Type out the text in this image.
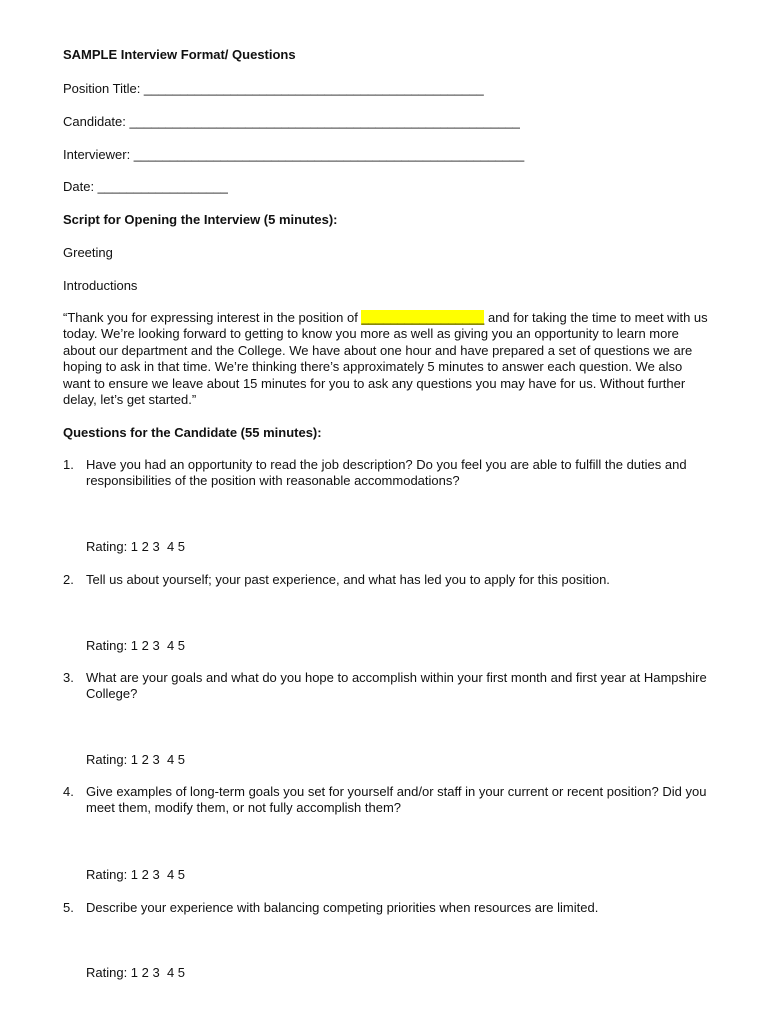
SAMPLE Interview Format/ Questions
Position Title: _______________________________________________
Candidate: ______________________________________________________
Interviewer: ______________________________________________________
Date: __________________
Script for Opening the Interview (5 minutes):
Greeting
Introductions
“Thank you for expressing interest in the position of _________________ and for taking the time to meet with us today. We’re looking forward to getting to know you more as well as giving you an opportunity to learn more about our department and the College. We have about one hour and have prepared a set of questions we are hoping to ask in that time. We’re thinking there’s approximately 5 minutes to answer each question. We also want to ensure we leave about 15 minutes for you to ask any questions you may have for us. Without further delay, let’s get started.”
Questions for the Candidate (55 minutes):
1. Have you had an opportunity to read the job description? Do you feel you are able to fulfill the duties and responsibilities of the position with reasonable accommodations?
Rating: 1 2 3  4 5
2. Tell us about yourself; your past experience, and what has led you to apply for this position.
Rating: 1 2 3  4 5
3. What are your goals and what do you hope to accomplish within your first month and first year at Hampshire College?
Rating: 1 2 3  4 5
4. Give examples of long-term goals you set for yourself and/or staff in your current or recent position? Did you meet them, modify them, or not fully accomplish them?
Rating: 1 2 3  4 5
5. Describe your experience with balancing competing priorities when resources are limited.
Rating: 1 2 3  4 5
